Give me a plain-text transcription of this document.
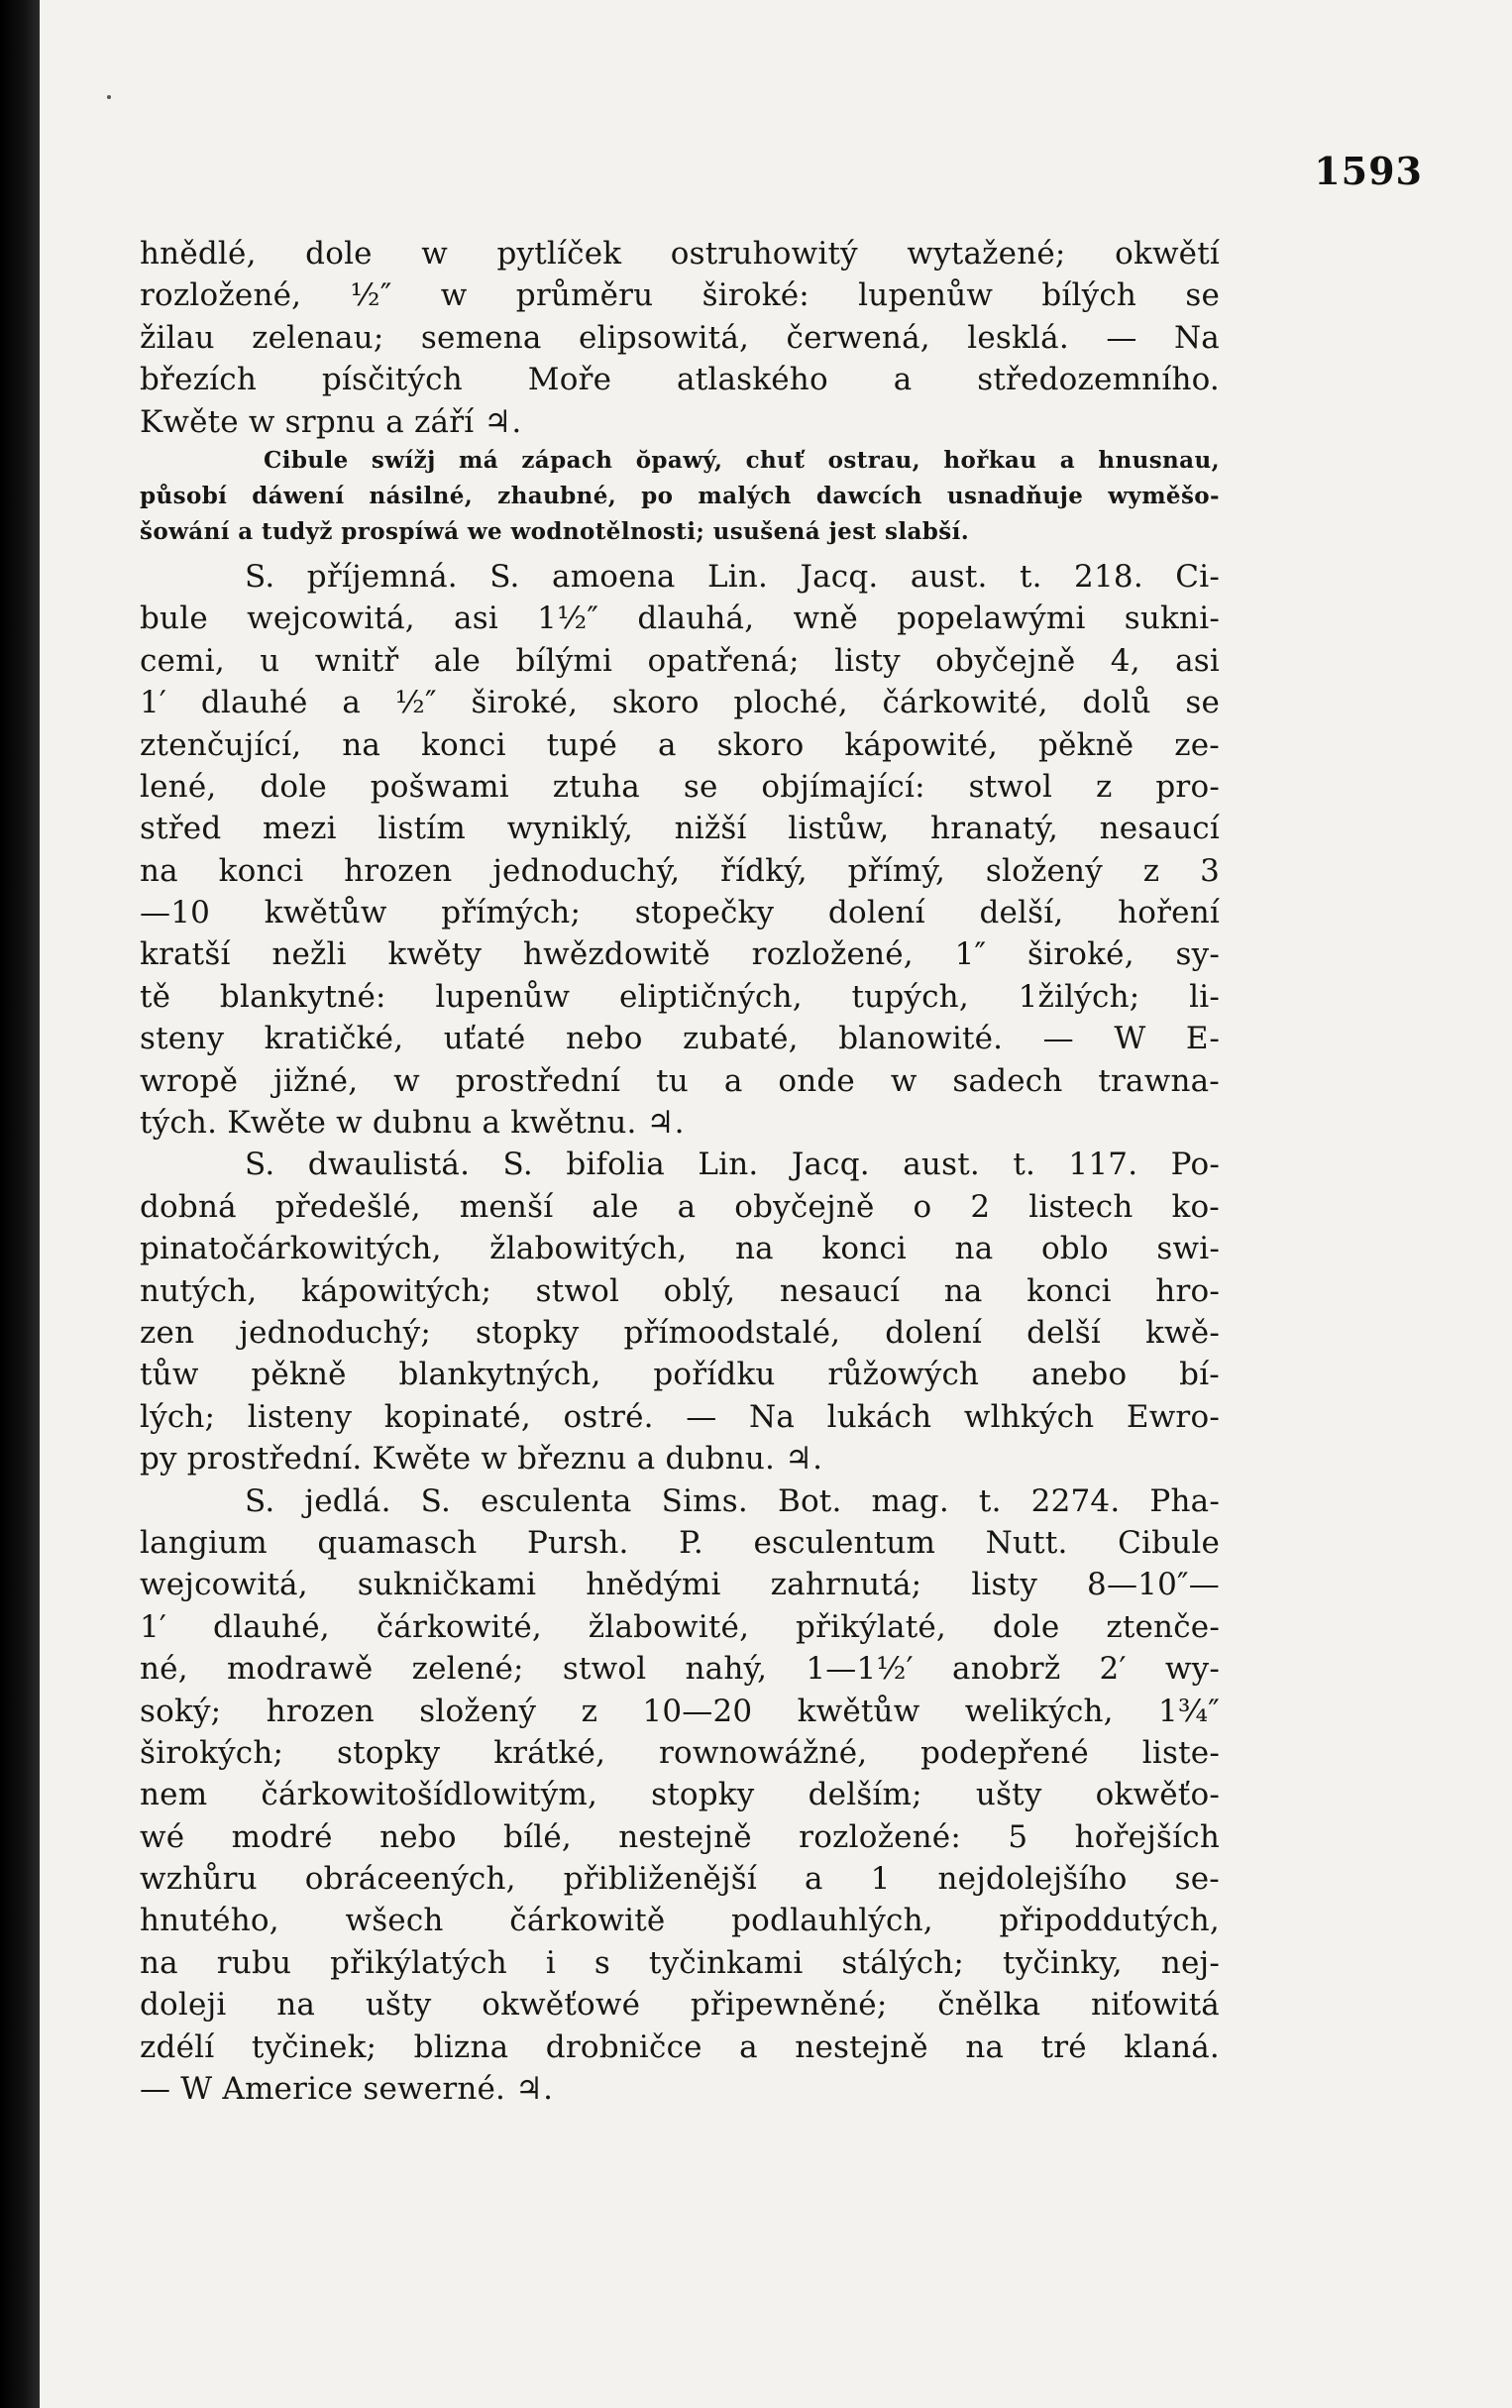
1593
hnědlé, dole w pytlíček ostruhowitý wytažené; okwětí
rozložené, ½″ w průměru široké: lupenůw bílých se
žilau zelenau; semena elipsowitá, čerwená, lesklá. — Na
březích písčitých Moře atlaského a středozemního.
Kwěte w srpnu a září ♃.
Cibule swížj má zápach ŏpawý, chuť ostrau, hořkau a hnusnau,
působí dáwení násilné, zhaubné, po malých dawcích usnadňuje wyměšo-
šowání a tudyž prospíwá we wodnotělnosti; usušená jest slabší.
S. příjemná. S. amoena Lin. Jacq. aust. t. 218. Ci-
bule wejcowitá, asi 1½″ dlauhá, wně popelawými sukni-
cemi, u wnitř ale bílými opatřená; listy obyčejně 4, asi
1′ dlauhé a ½″ široké, skoro ploché, čárkowité, dolů se
ztenčující, na konci tupé a skoro kápowité, pěkně ze-
lené, dole pošwami ztuha se objímající: stwol z pro-
střed mezi listím wyniklý, nižší listůw, hranatý, nesaucí
na konci hrozen jednoduchý, řídký, přímý, složený z 3
—10 kwětůw přímých; stopečky dolení delší, hoření
kratší nežli kwěty hwězdowitě rozložené, 1″ široké, sy-
tě blankytné: lupenůw eliptičných, tupých, 1žilých; li-
steny kratičké, uťaté nebo zubaté, blanowité. — W E-
wropě jižné, w prostřední tu a onde w sadech trawna-
tých. Kwěte w dubnu a kwětnu. ♃.
S. dwaulistá. S. bifolia Lin. Jacq. aust. t. 117. Po-
dobná předešlé, menší ale a obyčejně o 2 listech ko-
pinatočárkowitých, žlabowitých, na konci na oblo swi-
nutých, kápowitých; stwol oblý, nesaucí na konci hro-
zen jednoduchý; stopky přímoodstalé, dolení delší kwě-
tůw pěkně blankytných, pořídku růžowých anebo bí-
lých; listeny kopinaté, ostré. — Na lukách wlhkých Ewro-
py prostřední. Kwěte w březnu a dubnu. ♃.
S. jedlá. S. esculenta Sims. Bot. mag. t. 2274. Pha-
langium quamasch Pursh. P. esculentum Nutt. Cibule
wejcowitá, sukničkami hnědými zahrnutá; listy 8—10″—
1′ dlauhé, čárkowité, žlabowité, přikýlaté, dole ztenče-
né, modrawě zelené; stwol nahý, 1—1½′ anobrž 2′ wy-
soký; hrozen složený z 10—20 kwětůw welikých, 1¾″
širokých; stopky krátké, rownowážné, podepřené liste-
nem čárkowitošídlowitým, stopky delším; ušty okwěťo-
wé modré nebo bílé, nestejně rozložené: 5 hořejších
wzhůru obráceených, přibliženější a 1 nejdolejšího se-
hnutého, wšech čárkowitě podlauhlých, připoddutých,
na rubu přikýlatých i s tyčinkami stálých; tyčinky, nej-
doleji na ušty okwěťowé připewněné; čnělka niťowitá
zdélí tyčinek; blizna drobničce a nestejně na tré klaná.
— W Americe sewerné. ♃.
